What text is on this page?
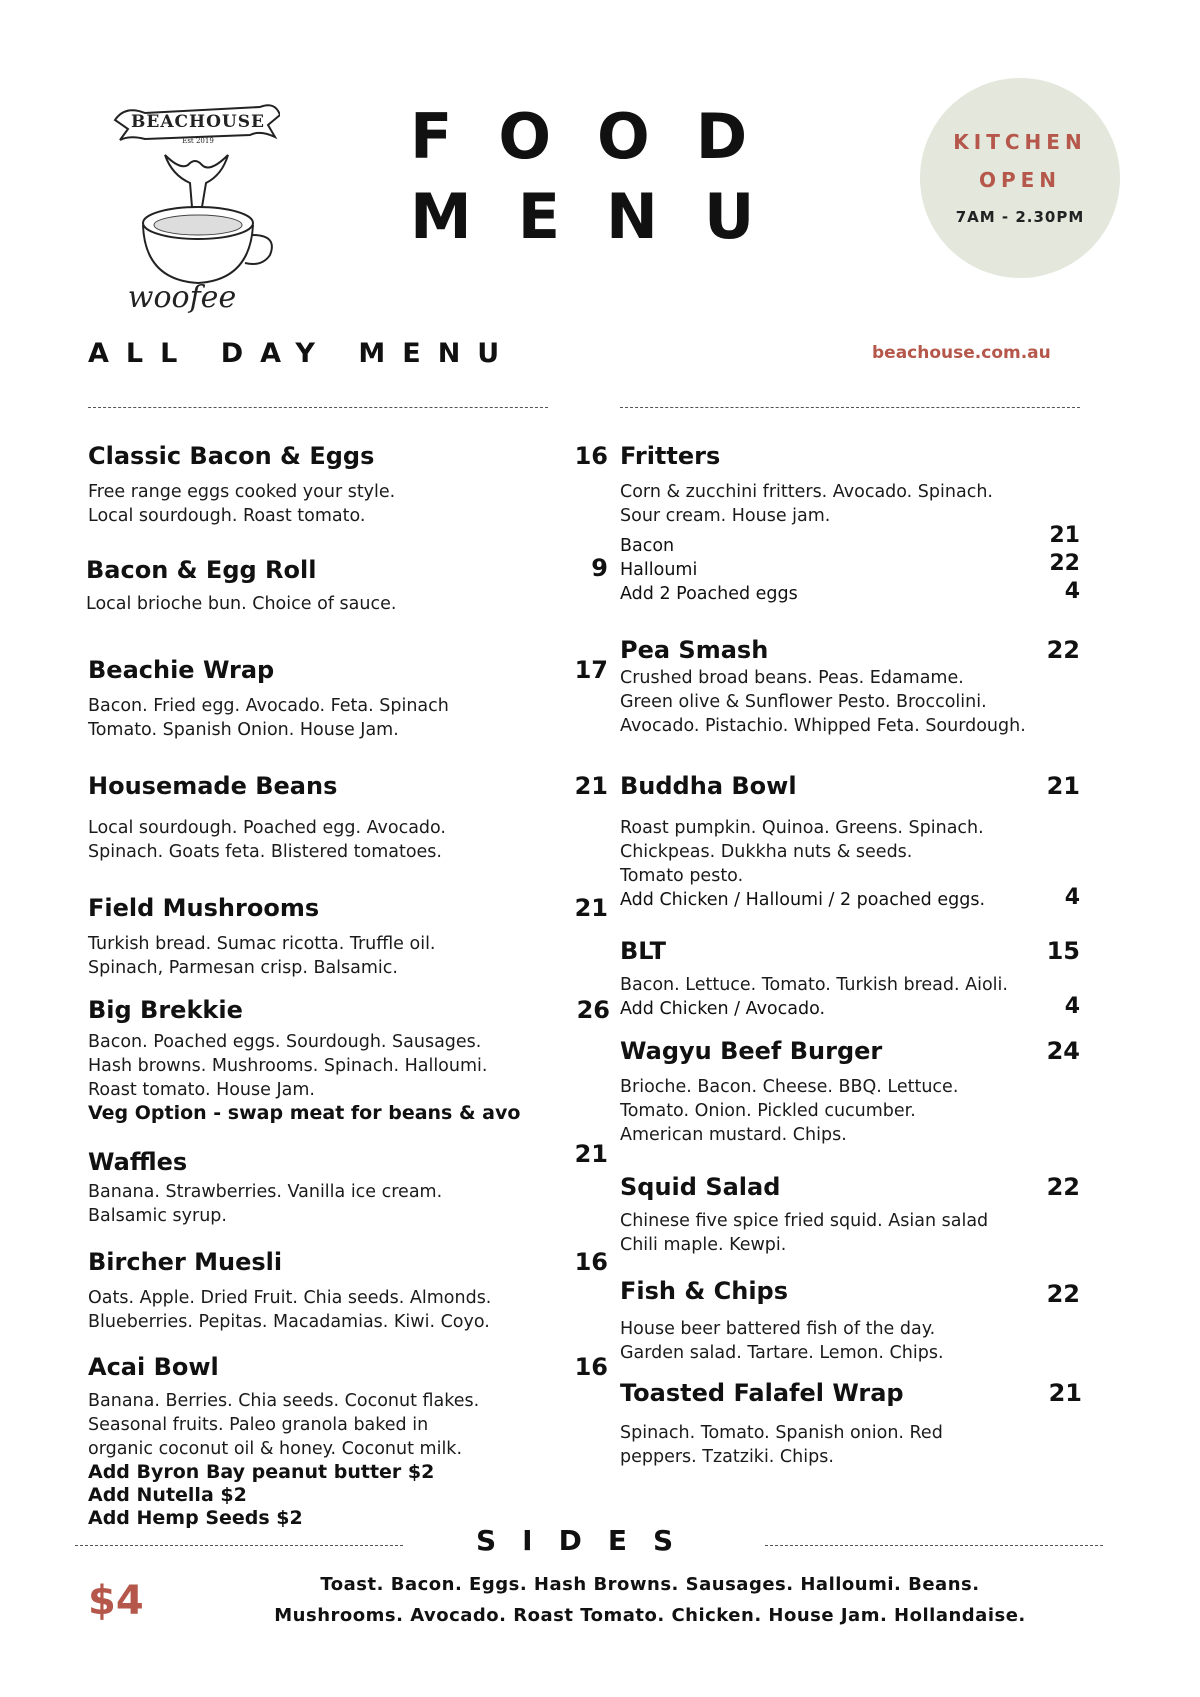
BEACHOUSE
Est 2019
woofee
FOOD
MENU
KITCHEN
OPEN
7AM - 2.30PM
ALL DAY MENU	beachouse.com.au
Classic Bacon & Eggs	16
Free range eggs cooked your style.
Local sourdough. Roast tomato.
Bacon & Egg Roll	9
Local brioche bun. Choice of sauce.
Beachie Wrap	17
Bacon. Fried egg. Avocado. Feta. Spinach
Tomato. Spanish Onion. House Jam.
Housemade Beans	21
Local sourdough. Poached egg. Avocado.
Spinach. Goats feta. Blistered tomatoes.
Field Mushrooms	21
Turkish bread. Sumac ricotta. Truffle oil.
Spinach, Parmesan crisp. Balsamic.
Big Brekkie	26
Bacon. Poached eggs. Sourdough. Sausages.
Hash browns. Mushrooms. Spinach. Halloumi.
Roast tomato. House Jam.
Veg Option - swap meat for beans & avo
Waffles	21
Banana. Strawberries. Vanilla ice cream.
Balsamic syrup.
Bircher Muesli	16
Oats. Apple. Dried Fruit. Chia seeds. Almonds.
Blueberries. Pepitas. Macadamias. Kiwi. Coyo.
Acai Bowl	16
Banana. Berries. Chia seeds. Coconut flakes.
Seasonal fruits. Paleo granola baked in
organic coconut oil & honey. Coconut milk.
Add Byron Bay peanut butter $2
Add Nutella $2
Add Hemp Seeds $2
Fritters
Corn & zucchini fritters. Avocado. Spinach.
Sour cream. House jam.
Bacon	21
Halloumi	22
Add 2 Poached eggs	4
Pea Smash	22
Crushed broad beans. Peas. Edamame.
Green olive & Sunflower Pesto. Broccolini.
Avocado. Pistachio. Whipped Feta. Sourdough.
Buddha Bowl	21
Roast pumpkin. Quinoa. Greens. Spinach.
Chickpeas. Dukkha nuts & seeds.
Tomato pesto.
Add Chicken / Halloumi / 2 poached eggs.	4
BLT	15
Bacon. Lettuce. Tomato. Turkish bread. Aioli.
Add Chicken / Avocado.	4
Wagyu Beef Burger	24
Brioche. Bacon. Cheese. BBQ. Lettuce.
Tomato. Onion. Pickled cucumber.
American mustard. Chips.
Squid Salad	22
Chinese five spice fried squid. Asian salad
Chili maple. Kewpi.
Fish & Chips	22
House beer battered fish of the day.
Garden salad. Tartare. Lemon. Chips.
Toasted Falafel Wrap	21
Spinach. Tomato. Spanish onion. Red
peppers. Tzatziki. Chips.
SIDES
$4	Toast. Bacon. Eggs. Hash Browns. Sausages. Halloumi. Beans.
Mushrooms. Avocado. Roast Tomato. Chicken. House Jam. Hollandaise.
